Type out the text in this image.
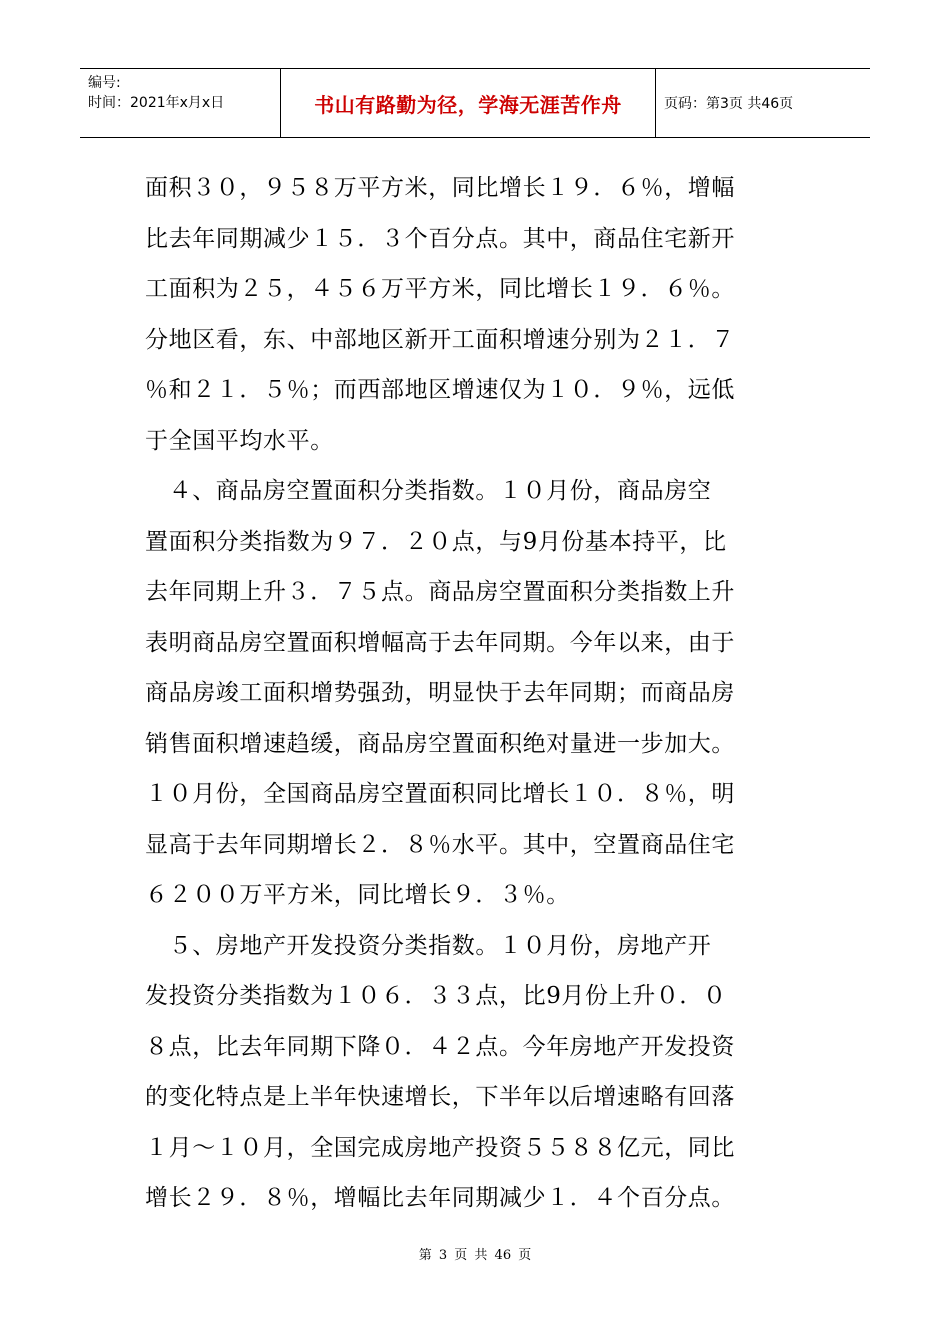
编号:
时间：2021年x月x日	书山有路勤为径，学海无涯苦作舟	页码：第3页 共46页
面积３０，９５８万平方米，同比增长１９．６％，增幅
比去年同期减少１５．３个百分点。其中，商品住宅新开
工面积为２５，４５６万平方米，同比增长１９．６％。
分地区看，东、中部地区新开工面积增速分别为２１．７
％和２１．５％；而西部地区增速仅为１０．９％，远低
于全国平均水平。
　４、商品房空置面积分类指数。１０月份，商品房空
置面积分类指数为９７．２０点，与9月份基本持平，比
去年同期上升３．７５点。商品房空置面积分类指数上升
表明商品房空置面积增幅高于去年同期。今年以来，由于
商品房竣工面积增势强劲，明显快于去年同期；而商品房
销售面积增速趋缓，商品房空置面积绝对量进一步加大。
１０月份，全国商品房空置面积同比增长１０．８％，明
显高于去年同期增长２．８％水平。其中，空置商品住宅
６２００万平方米，同比增长９．３％。
　５、房地产开发投资分类指数。１０月份，房地产开
发投资分类指数为１０６．３３点，比9月份上升０．０
８点，比去年同期下降０．４２点。今年房地产开发投资
的变化特点是上半年快速增长，下半年以后增速略有回落
１月～１０月，全国完成房地产投资５５８８亿元，同比
增长２９．８％，增幅比去年同期减少１．４个百分点。
第 3 页 共 46 页
